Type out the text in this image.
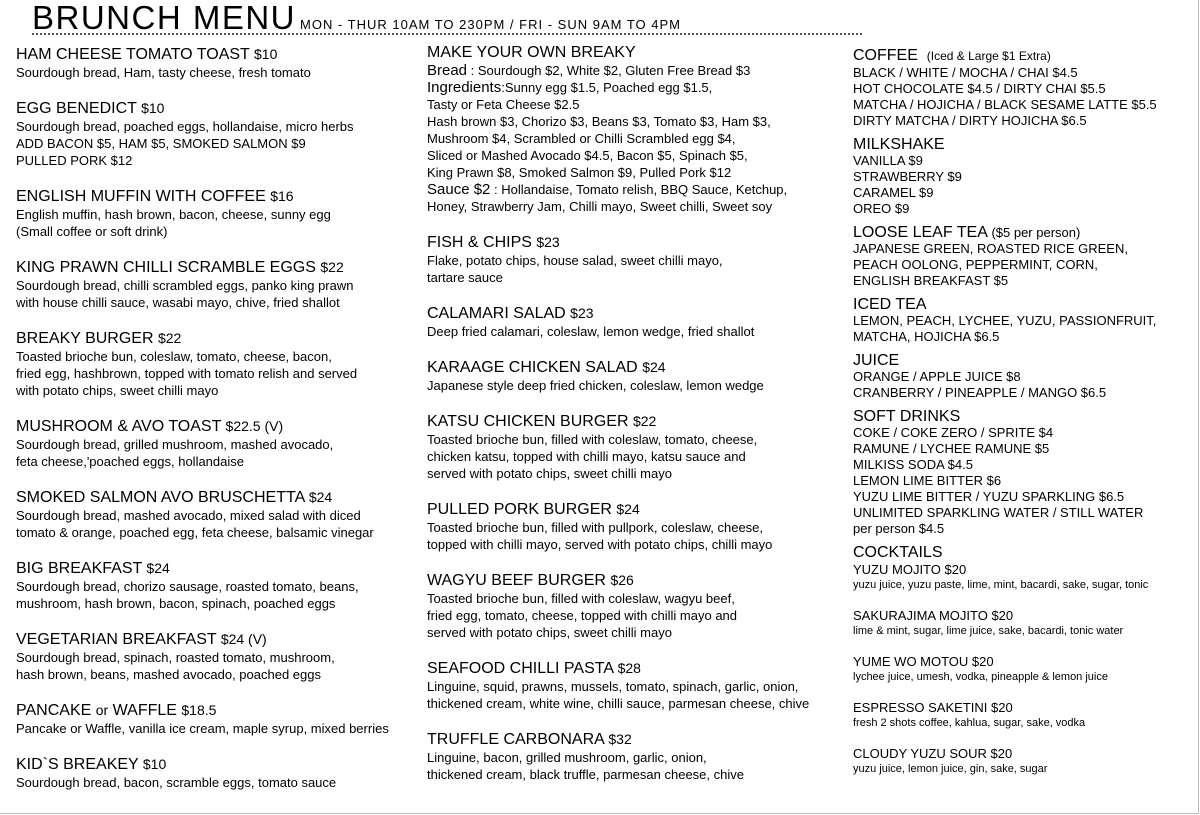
BRUNCH MENU MON - THUR 10AM TO 230PM / FRI - SUN 9AM TO 4PM
HAM CHEESE TOMATO TOAST $10
Sourdough bread, Ham, tasty cheese, fresh tomato
EGG BENEDICT $10
Sourdough bread, poached eggs, hollandaise, micro herbs
ADD BACON $5, HAM $5, SMOKED SALMON $9
PULLED PORK $12
ENGLISH MUFFIN WITH COFFEE $16
English muffin, hash brown, bacon, cheese, sunny egg
(Small coffee or soft drink)
KING PRAWN CHILLI SCRAMBLE EGGS $22
Sourdough bread, chilli scrambled eggs, panko king prawn
with house chilli sauce, wasabi mayo, chive, fried shallot
BREAKY BURGER $22
Toasted brioche bun, coleslaw, tomato, cheese, bacon,
fried egg, hashbrown, topped with tomato relish and served
with potato chips, sweet chilli mayo
MUSHROOM & AVO TOAST $22.5 (V)
Sourdough bread, grilled mushroom, mashed avocado,
feta cheese,'poached eggs, hollandaise
SMOKED SALMON AVO BRUSCHETTA $24
Sourdough bread, mashed avocado, mixed salad with diced
tomato & orange, poached egg, feta cheese, balsamic vinegar
BIG BREAKFAST $24
Sourdough bread, chorizo sausage, roasted tomato, beans,
mushroom, hash brown, bacon, spinach, poached eggs
VEGETARIAN BREAKFAST $24 (V)
Sourdough bread, spinach, roasted tomato, mushroom,
hash brown, beans, mashed avocado, poached eggs
PANCAKE or WAFFLE $18.5
Pancake or Waffle, vanilla ice cream, maple syrup, mixed berries
KID`S BREAKEY $10
Sourdough bread, bacon, scramble eggs, tomato sauce
MAKE YOUR OWN BREAKY
Bread : Sourdough $2, White $2, Gluten Free Bread $3
Ingredients:Sunny egg $1.5, Poached egg $1.5,
Tasty or Feta Cheese $2.5
Hash brown $3, Chorizo $3, Beans $3, Tomato $3, Ham $3,
Mushroom $4, Scrambled or Chilli Scrambled egg $4,
Sliced or Mashed Avocado $4.5, Bacon $5, Spinach $5,
King Prawn $8, Smoked Salmon $9, Pulled Pork $12
Sauce $2 : Hollandaise, Tomato relish, BBQ Sauce, Ketchup,
Honey, Strawberry Jam, Chilli mayo, Sweet chilli, Sweet soy
FISH & CHIPS $23
Flake, potato chips, house salad, sweet chilli mayo,
tartare sauce
CALAMARI SALAD $23
Deep fried calamari, coleslaw, lemon wedge, fried shallot
KARAAGE CHICKEN SALAD $24
Japanese style deep fried chicken, coleslaw, lemon wedge
KATSU CHICKEN BURGER $22
Toasted brioche bun, filled with coleslaw, tomato, cheese,
chicken katsu, topped with chilli mayo, katsu sauce and
served with potato chips, sweet chilli mayo
PULLED PORK BURGER $24
Toasted brioche bun, filled with pullpork, coleslaw, cheese,
topped with chilli mayo, served with potato chips, chilli mayo
WAGYU BEEF BURGER $26
Toasted brioche bun, filled with coleslaw, wagyu beef,
fried egg, tomato, cheese, topped with chilli mayo and
served with potato chips, sweet chilli mayo
SEAFOOD CHILLI PASTA $28
Linguine, squid, prawns, mussels, tomato, spinach, garlic, onion,
thickened cream, white wine, chilli sauce, parmesan cheese, chive
TRUFFLE CARBONARA $32
Linguine, bacon, grilled mushroom, garlic, onion,
thickened cream, black truffle, parmesan cheese, chive
COFFEE (Iced & Large $1 Extra)
BLACK / WHITE / MOCHA / CHAI $4.5
HOT CHOCOLATE $4.5 / DIRTY CHAI $5.5
MATCHA / HOJICHA / BLACK SESAME LATTE $5.5
DIRTY MATCHA / DIRTY HOJICHA $6.5
MILKSHAKE
VANILLA $9
STRAWBERRY $9
CARAMEL $9
OREO $9
LOOSE LEAF TEA ($5 per person)
JAPANESE GREEN, ROASTED RICE GREEN,
PEACH OOLONG, PEPPERMINT, CORN,
ENGLISH BREAKFAST $5
ICED TEA
LEMON, PEACH, LYCHEE, YUZU, PASSIONFRUIT,
MATCHA, HOJICHA $6.5
JUICE
ORANGE / APPLE JUICE $8
CRANBERRY / PINEAPPLE / MANGO $6.5
SOFT DRINKS
COKE / COKE ZERO / SPRITE $4
RAMUNE / LYCHEE RAMUNE $5
MILKISS SODA $4.5
LEMON LIME BITTER $6
YUZU LIME BITTER / YUZU SPARKLING $6.5
UNLIMITED SPARKLING WATER / STILL WATER
per person $4.5
COCKTAILS
YUZU MOJITO $20
yuzu juice, yuzu paste, lime, mint, bacardi, sake, sugar, tonic
SAKURAJIMA MOJITO $20
lime & mint, sugar, lime juice, sake, bacardi, tonic water
YUME WO MOTOU $20
lychee juice, umesh, vodka, pineapple & lemon juice
ESPRESSO SAKETINI $20
fresh 2 shots coffee, kahlua, sugar, sake, vodka
CLOUDY YUZU SOUR $20
yuzu juice, lemon juice, gin, sake, sugar
